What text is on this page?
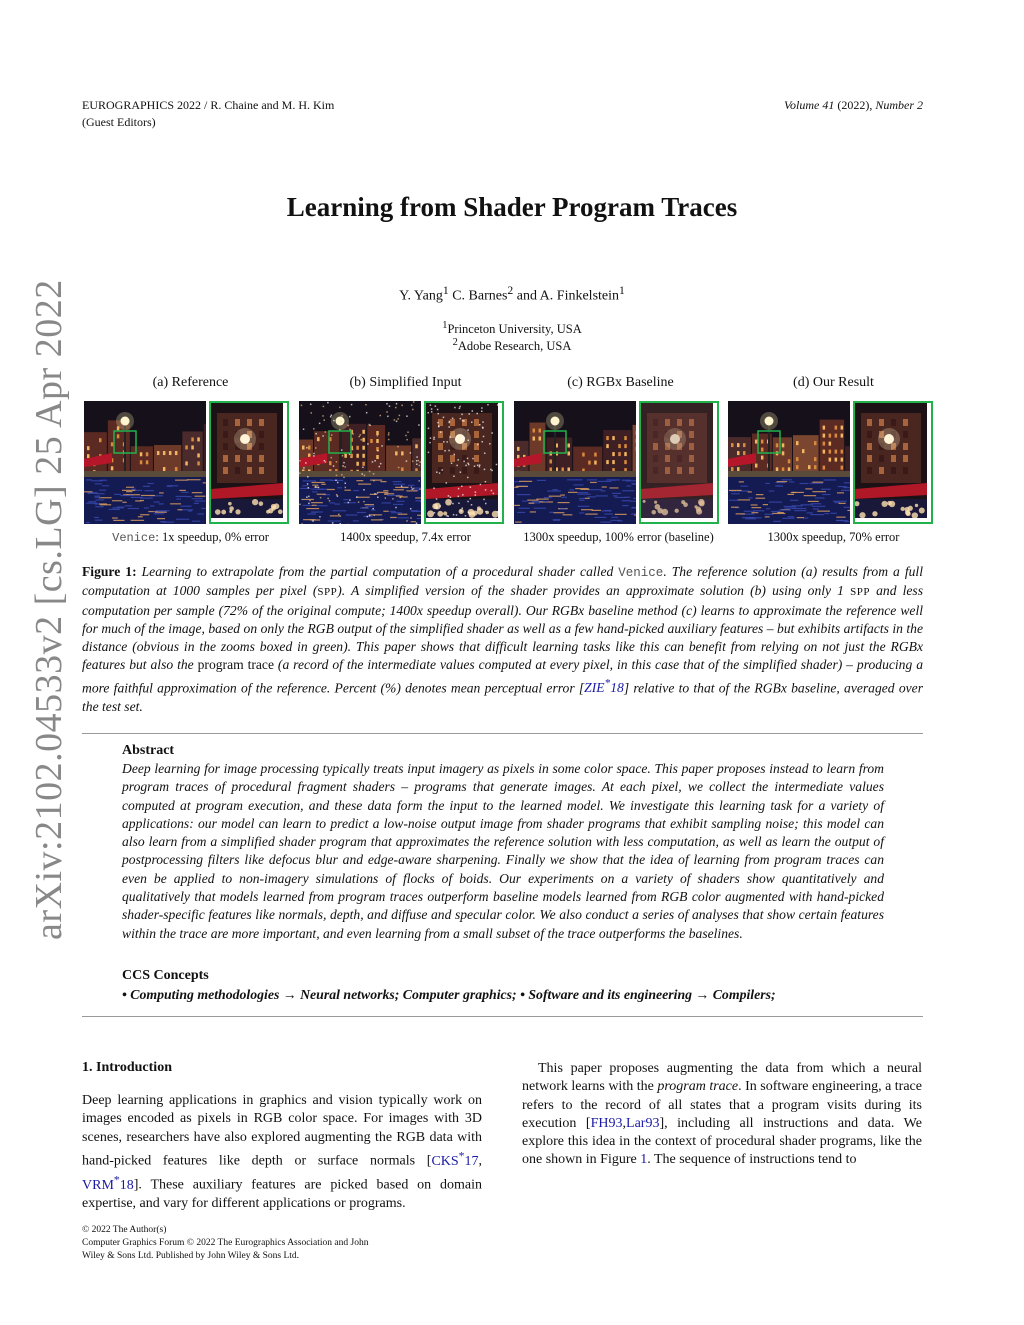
EUROGRAPHICS 2022 / R. Chaine and M. H. Kim
(Guest Editors)
Volume 41 (2022), Number 2
arXiv:2102.04533v2 [cs.LG] 25 Apr 2022
Learning from Shader Program Traces
Y. Yang$^1$ C. Barnes$^2$ and A. Finkelstein$^1$
$^1$Princeton University, USA
$^2$Adobe Research, USA
(a) Reference	(b) Simplified Input	(c) RGBx Baseline	(d) Our Result
Venice: 1x speedup, 0% error	1400x speedup, 7.4x error	1300x speedup, 100% error (baseline)	1300x speedup, 70% error
Figure 1: Learning to extrapolate from the partial computation of a procedural shader called Venice. The reference solution (a) results from a full computation at 1000 samples per pixel (SPP). A simplified version of the shader provides an approximate solution (b) using only 1 SPP and less computation per sample (72% of the original compute; 1400x speedup overall). Our RGBx baseline method (c) learns to approximate the reference well for much of the image, based on only the RGB output of the simplified shader as well as a few hand-picked auxiliary features – but exhibits artifacts in the distance (obvious in the zooms boxed in green). This paper shows that difficult learning tasks like this can benefit from relying on not just the RGBx features but also the program trace (a record of the intermediate values computed at every pixel, in this case that of the simplified shader) – producing a more faithful approximation of the reference. Percent (%) denotes mean perceptual error [ZIE*18] relative to that of the RGBx baseline, averaged over the test set.
Abstract
Deep learning for image processing typically treats input imagery as pixels in some color space. This paper proposes instead to learn from program traces of procedural fragment shaders – programs that generate images. At each pixel, we collect the intermediate values computed at program execution, and these data form the input to the learned model. We investigate this learning task for a variety of applications: our model can learn to predict a low-noise output image from shader programs that exhibit sampling noise; this model can also learn from a simplified shader program that approximates the reference solution with less computation, as well as learn the output of postprocessing filters like defocus blur and edge-aware sharpening. Finally we show that the idea of learning from program traces can even be applied to non-imagery simulations of flocks of boids. Our experiments on a variety of shaders show quantitatively and qualitatively that models learned from program traces outperform baseline models learned from RGB color augmented with hand-picked shader-specific features like normals, depth, and diffuse and specular color. We also conduct a series of analyses that show certain features within the trace are more important, and even learning from a small subset of the trace outperforms the baselines.
CCS Concepts
• Computing methodologies → Neural networks; Computer graphics; • Software and its engineering → Compilers;
1. Introduction
Deep learning applications in graphics and vision typically work on images encoded as pixels in RGB color space. For images with 3D scenes, researchers have also explored augmenting the RGB data with hand-picked features like depth or surface normals [CKS*17, VRM*18]. These auxiliary features are picked based on domain expertise, and vary for different applications or programs.
This paper proposes augmenting the data from which a neural network learns with the program trace. In software engineering, a trace refers to the record of all states that a program visits during its execution [FH93,Lar93], including all instructions and data. We explore this idea in the context of procedural shader programs, like the one shown in Figure 1. The sequence of instructions tend to
© 2022 The Author(s)
Computer Graphics Forum © 2022 The Eurographics Association and John
Wiley & Sons Ltd. Published by John Wiley & Sons Ltd.
